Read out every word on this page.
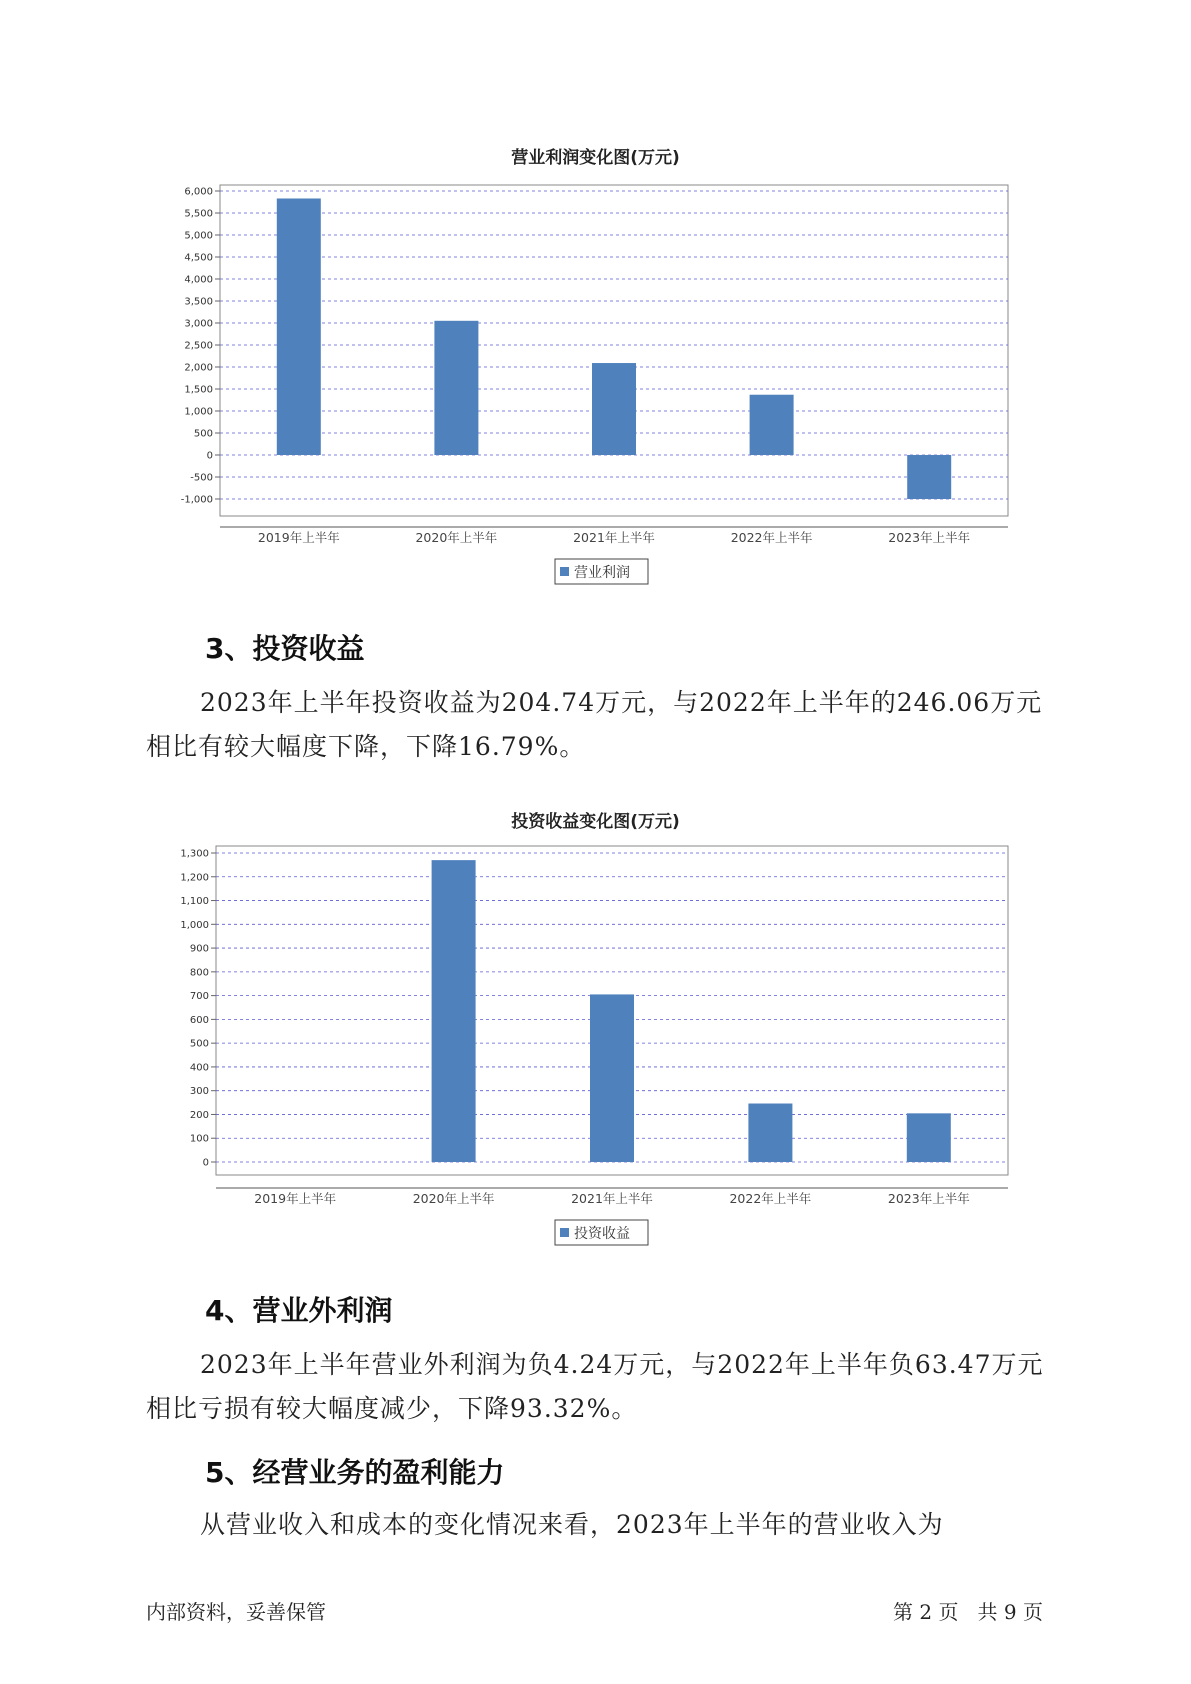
营业利润变化图(万元)
-1,000
-500
0
500
1,000
1,500
2,000
2,500
3,000
3,500
4,000
4,500
5,000
5,500
6,000
2019年上半年	2020年上半年	2021年上半年	2022年上半年	2023年上半年
营业利润
3、投资收益

2023年上半年投资收益为204.74万元，与2022年上半年的246.06万元
相比有较大幅度下降，下降16.79%。

投资收益变化图(万元)
0
100
200
300
400
500
600
700
800
900
1,000
1,100
1,200
1,300
2019年上半年	2020年上半年	2021年上半年	2022年上半年	2023年上半年
投资收益
4、营业外利润

2023年上半年营业外利润为负4.24万元，与2022年上半年负63.47万元
相比亏损有较大幅度减少，下降93.32%。

5、经营业务的盈利能力

从营业收入和成本的变化情况来看，2023年上半年的营业收入为

内部资料，妥善保管	第 2 页   共 9 页
